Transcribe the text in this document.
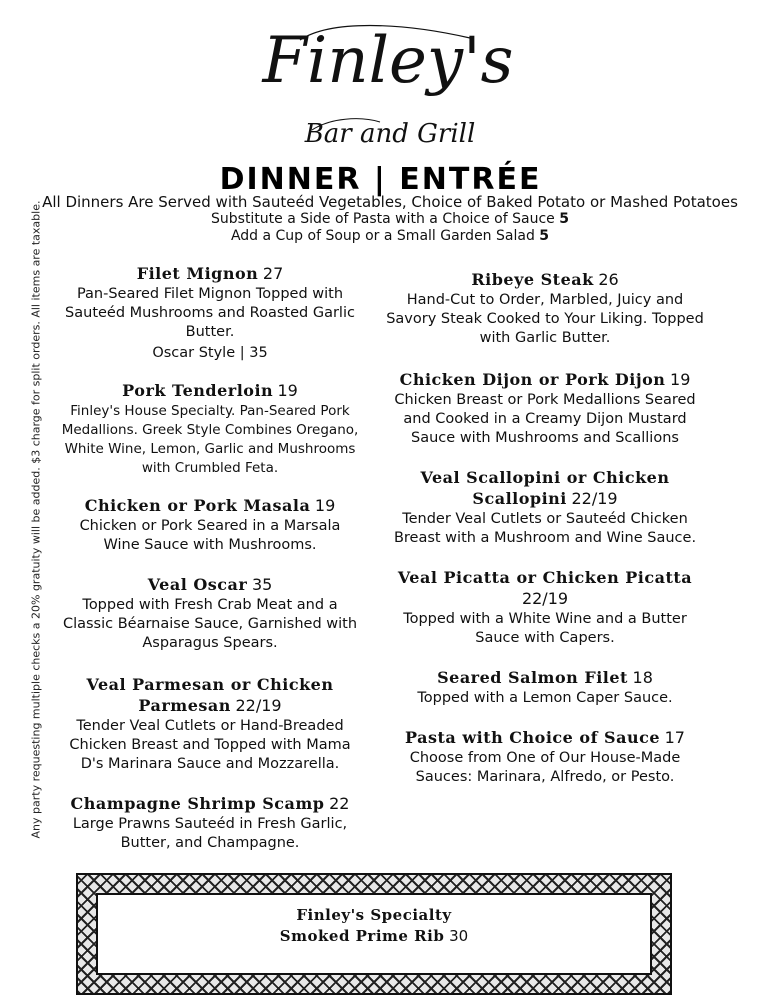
Finley's
Bar and Grill
DINNER | ENTRÉE
All Dinners Are Served with Sauteéd Vegetables, Choice of Baked Potato or Mashed Potatoes
Substitute a Side of Pasta with a Choice of Sauce 5
Add a Cup of Soup or a Small Garden Salad 5
Any party requesting multiple checks a 20% gratuity will be added. $3 charge for split orders. All items are taxable.	Filet Mignon 27
Pan-Seared Filet Mignon Topped with Sauteéd Mushrooms and Roasted Garlic Butter.
Oscar Style | 35
Pork Tenderloin 19
Finley's House Specialty. Pan-Seared Pork Medallions. Greek Style Combines Oregano, White Wine, Lemon, Garlic and Mushrooms with Crumbled Feta.
Chicken or Pork Masala 19
Chicken or Pork Seared in a Marsala Wine Sauce with Mushrooms.
Veal Oscar 35
Topped with Fresh Crab Meat and a Classic Béarnaise Sauce, Garnished with Asparagus Spears.
Veal Parmesan or Chicken Parmesan 22/19
Tender Veal Cutlets or Hand-Breaded Chicken Breast and Topped with Mama D's Marinara Sauce and Mozzarella.
Champagne Shrimp Scamp 22
Large Prawns Sauteéd in Fresh Garlic, Butter, and Champagne.
Ribeye Steak 26
Hand-Cut to Order, Marbled, Juicy and Savory Steak Cooked to Your Liking. Topped with Garlic Butter.
Chicken Dijon or Pork Dijon 19
Chicken Breast or Pork Medallions Seared and Cooked in a Creamy Dijon Mustard Sauce with Mushrooms and Scallions
Veal Scallopini or Chicken Scallopini 22/19
Tender Veal Cutlets or Sauteéd Chicken Breast with a Mushroom and Wine Sauce.
Veal Picatta or Chicken Picatta 22/19
Topped with a White Wine and a Butter Sauce with Capers.
Seared Salmon Filet 18
Topped with a Lemon Caper Sauce.
Pasta with Choice of Sauce 17
Choose from One of Our House-Made Sauces: Marinara, Alfredo, or Pesto.
Finley's Specialty
Smoked Prime Rib 30
